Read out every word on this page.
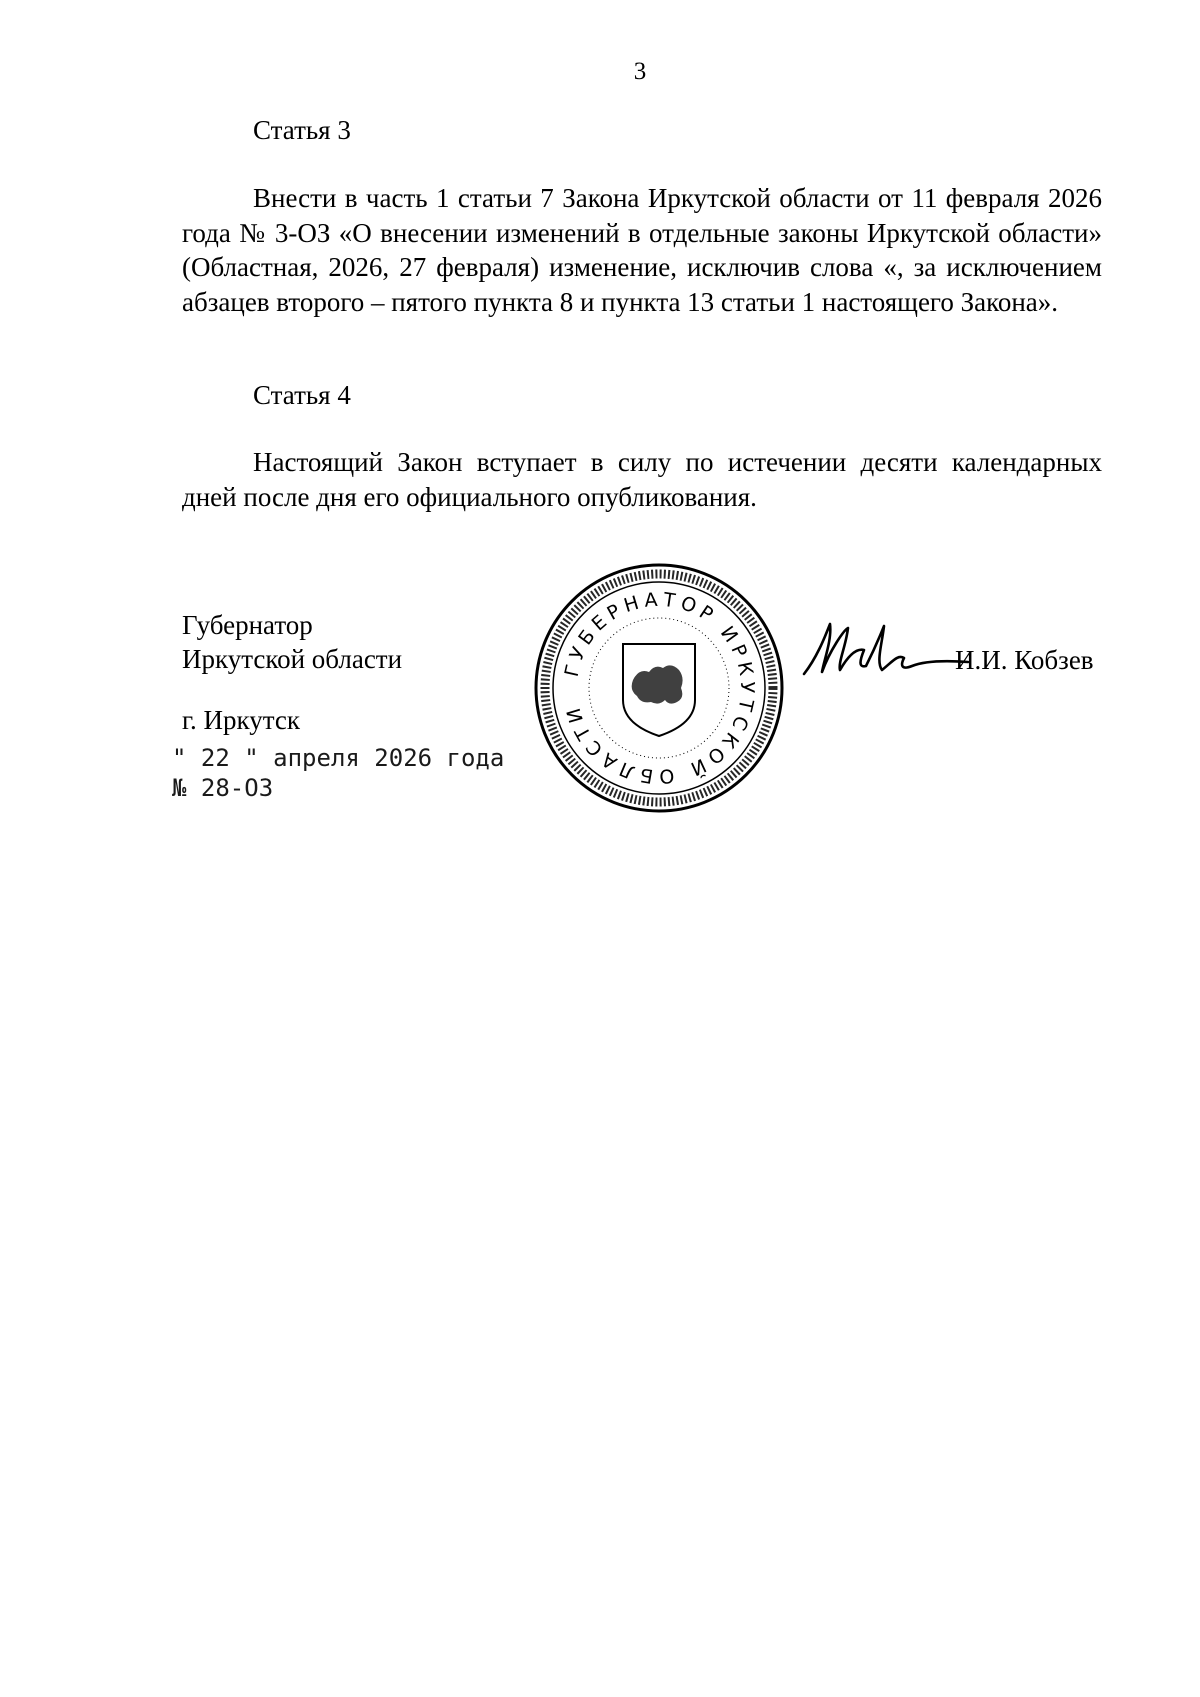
3
Статья 3

Внести в часть 1 статьи 7 Закона Иркутской области от 11 февраля 2026 года № 3-ОЗ «О внесении изменений в отдельные законы Иркутской области» (Областная, 2026, 27 февраля) изменение, исключив слова «, за исключением абзацев второго – пятого пункта 8 и пункта 13 статьи 1 настоящего Закона».

Статья 4

Настоящий Закон вступает в силу по истечении десяти календарных дней после дня его официального опубликования.

Губернатор
Иркутской области
г. Иркутск
" 22 " апреля 2026 года
№ 28-ОЗ
ГУБЕРНАТОР ИРКУТСКОЙ ОБЛАСТИ
И.И. Кобзев
